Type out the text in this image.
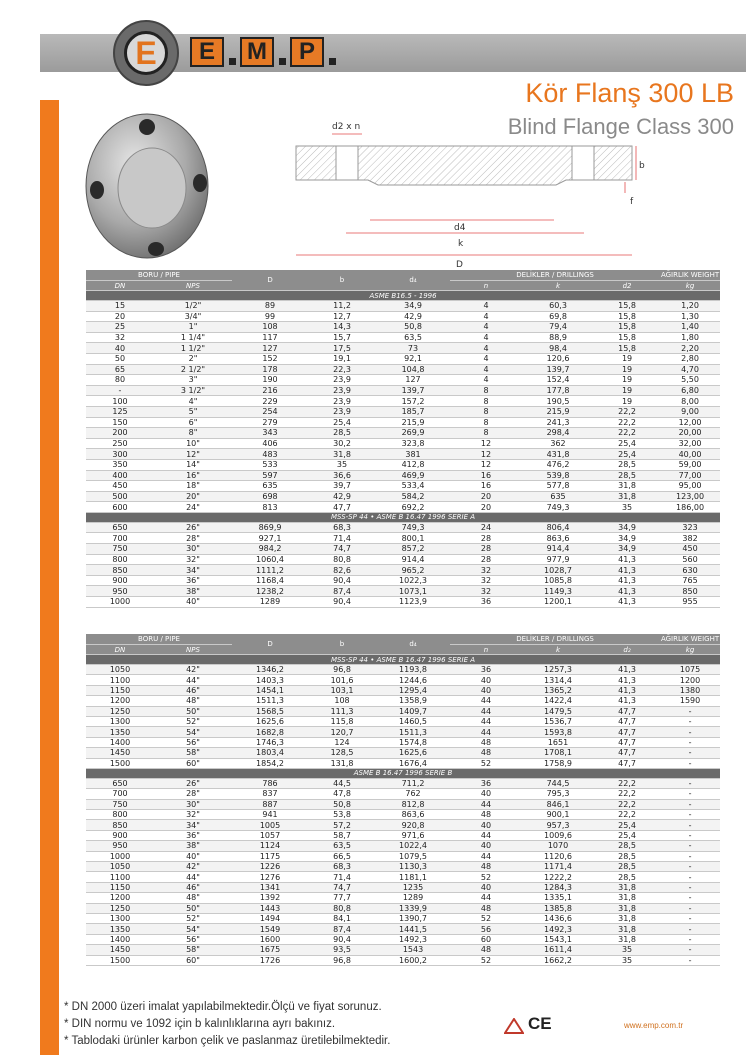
E	E	M	P
Kör Flanş 300 LB
Blind Flange Class 300
d2 x n
b
f
d4
k
D
BORU / PIPE		D	b	d₄	DELİKLER / DRILLINGS			AĞIRLIK WEIGHT
DN	NPS				n	k	d2	kg
ASME B16.5 - 1996								
15	1/2"	89	11,2	34,9	4	60,3	15,8	1,20
20	3/4"	99	12,7	42,9	4	69,8	15,8	1,30
25	1"	108	14,3	50,8	4	79,4	15,8	1,40
32	1 1/4"	117	15,7	63,5	4	88,9	15,8	1,80
40	1 1/2"	127	17,5	73	4	98,4	15,8	2,20
50	2"	152	19,1	92,1	4	120,6	19	2,80
65	2 1/2"	178	22,3	104,8	4	139,7	19	4,70
80	3"	190	23,9	127	4	152,4	19	5,50
-	3 1/2"	216	23,9	139,7	8	177,8	19	6,80
100	4"	229	23,9	157,2	8	190,5	19	8,00
125	5"	254	23,9	185,7	8	215,9	22,2	9,00
150	6"	279	25,4	215,9	8	241,3	22,2	12,00
200	8"	343	28,5	269,9	8	298,4	22,2	20,00
250	10"	406	30,2	323,8	12	362	25,4	32,00
300	12"	483	31,8	381	12	431,8	25,4	40,00
350	14"	533	35	412,8	12	476,2	28,5	59,00
400	16"	597	36,6	469,9	16	539,8	28,5	77,00
450	18"	635	39,7	533,4	16	577,8	31,8	95,00
500	20"	698	42,9	584,2	20	635	31,8	123,00
600	24"	813	47,7	692,2	20	749,3	35	186,00
MSS-SP 44 • ASME B 16.47 1996 SERIE A								
650	26"	869,9	68,3	749,3	24	806,4	34,9	323
700	28"	927,1	71,4	800,1	28	863,6	34,9	382
750	30"	984,2	74,7	857,2	28	914,4	34,9	450
800	32"	1060,4	80,8	914,4	28	977,9	41,3	560
850	34"	1111,2	82,6	965,2	32	1028,7	41,3	630
900	36"	1168,4	90,4	1022,3	32	1085,8	41,3	765
950	38"	1238,2	87,4	1073,1	32	1149,3	41,3	850
1000	40"	1289	90,4	1123,9	36	1200,1	41,3	955
BORU / PIPE		D	b	d₄	DELİKLER / DRILLINGS			AĞIRLIK WEIGHT
DN	NPS				n	k	d₂	kg
MSS-SP 44 • ASME B 16.47 1996 SERIE A								
1050	42"	1346,2	96,8	1193,8	36	1257,3	41,3	1075
1100	44"	1403,3	101,6	1244,6	40	1314,4	41,3	1200
1150	46"	1454,1	103,1	1295,4	40	1365,2	41,3	1380
1200	48"	1511,3	108	1358,9	44	1422,4	41,3	1590
1250	50"	1568,5	111,3	1409,7	44	1479,5	47,7	-
1300	52"	1625,6	115,8	1460,5	44	1536,7	47,7	-
1350	54"	1682,8	120,7	1511,3	44	1593,8	47,7	-
1400	56"	1746,3	124	1574,8	48	1651	47,7	-
1450	58"	1803,4	128,5	1625,6	48	1708,1	47,7	-
1500	60"	1854,2	131,8	1676,4	52	1758,9	47,7	-
ASME B 16.47 1996 SERIE B								
650	26"	786	44,5	711,2	36	744,5	22,2	-
700	28"	837	47,8	762	40	795,3	22,2	-
750	30"	887	50,8	812,8	44	846,1	22,2	-
800	32"	941	53,8	863,6	48	900,1	22,2	-
850	34"	1005	57,2	920,8	40	957,3	25,4	-
900	36"	1057	58,7	971,6	44	1009,6	25,4	-
950	38"	1124	63,5	1022,4	40	1070	28,5	-
1000	40"	1175	66,5	1079,5	44	1120,6	28,5	-
1050	42"	1226	68,3	1130,3	48	1171,4	28,5	-
1100	44"	1276	71,4	1181,1	52	1222,2	28,5	-
1150	46"	1341	74,7	1235	40	1284,3	31,8	-
1200	48"	1392	77,7	1289	44	1335,1	31,8	-
1250	50"	1443	80,8	1339,9	48	1385,8	31,8	-
1300	52"	1494	84,1	1390,7	52	1436,6	31,8	-
1350	54"	1549	87,4	1441,5	56	1492,3	31,8	-
1400	56"	1600	90,4	1492,3	60	1543,1	31,8	-
1450	58"	1675	93,5	1543	48	1611,4	35	-
1500	60"	1726	96,8	1600,2	52	1662,2	35	-
* DN 2000 üzeri imalat yapılabilmektedir.Ölçü ve fiyat sorunuz.
* DIN normu ve 1092 için b kalınlıklarına ayrı bakınız.
* Tablodaki ürünler karbon çelik ve paslanmaz üretilebilmektedir.
CE	www.emp.com.tr
